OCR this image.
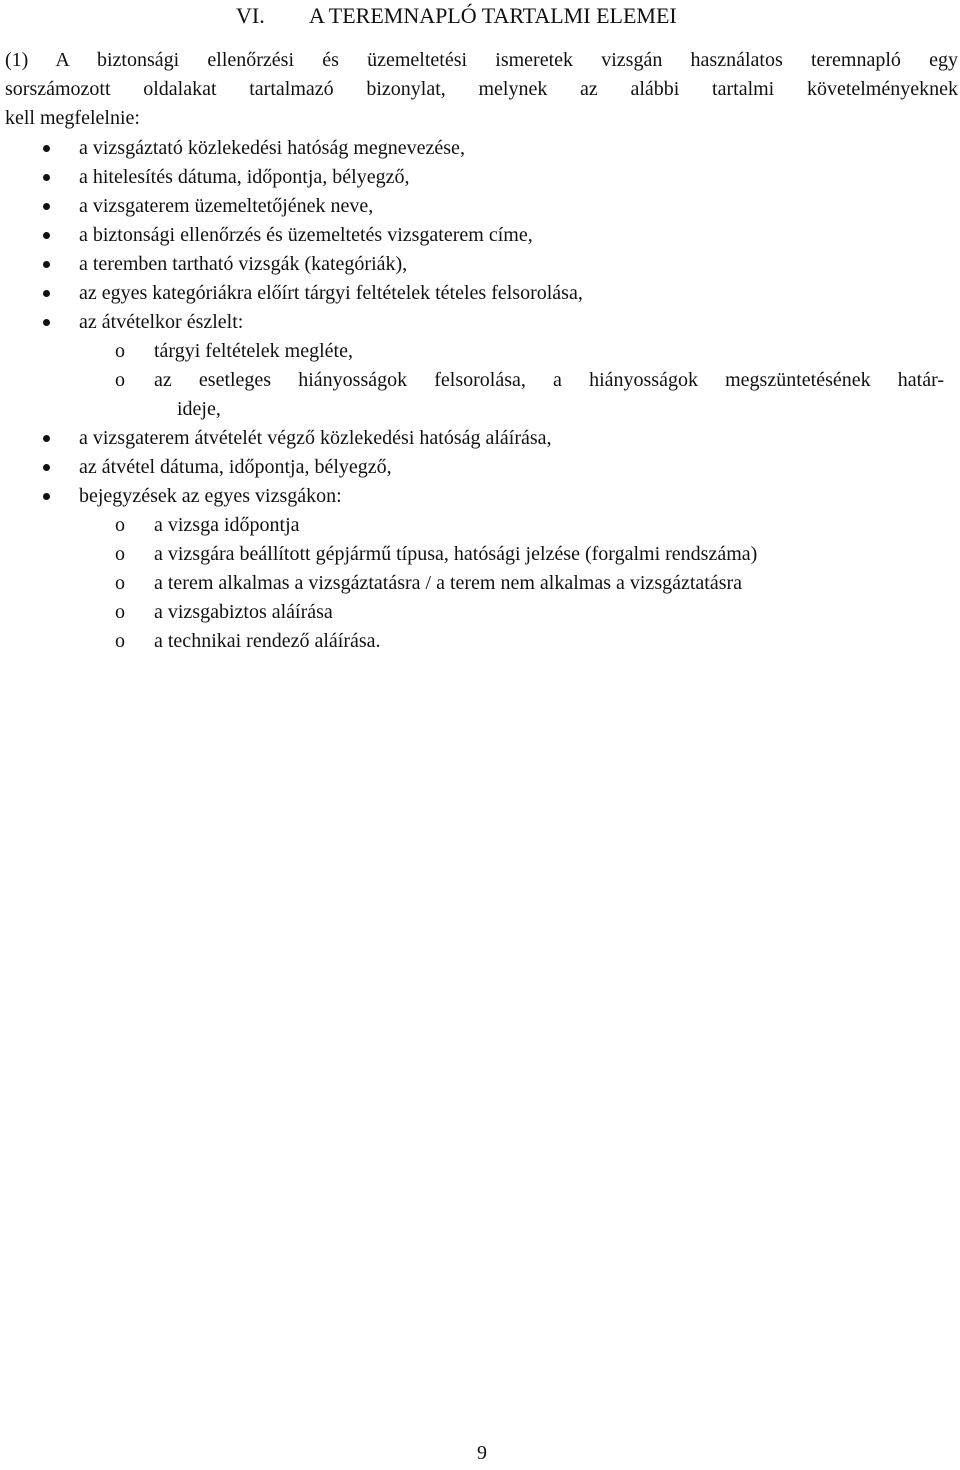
VI. A TEREMNAPLÓ TARTALMI ELEMEI

(1) A biztonsági ellenőrzési és üzemeltetési ismeretek vizsgán használatos teremnapló egy
sorszámozott oldalakat tartalmazó bizonylat, melynek az alábbi tartalmi követelményeknek
kell megfelelnie:

a vizsgáztató közlekedési hatóság megnevezése,
a hitelesítés dátuma, időpontja, bélyegző,
a vizsgaterem üzemeltetőjének neve,
a biztonsági ellenőrzés és üzemeltetés vizsgaterem címe,
a teremben tartható vizsgák (kategóriák),
az egyes kategóriákra előírt tárgyi feltételek tételes felsorolása,
az átvételkor észlelt:
o tárgyi feltételek megléte,
o az esetleges hiányosságok felsorolása, a hiányosságok megszüntetésének határ-
ideje,
a vizsgaterem átvételét végző közlekedési hatóság aláírása,
az átvétel dátuma, időpontja, bélyegző,
bejegyzések az egyes vizsgákon:
o a vizsga időpontja
o a vizsgára beállított gépjármű típusa, hatósági jelzése (forgalmi rendszáma)
o a terem alkalmas a vizsgáztatásra / a terem nem alkalmas a vizsgáztatásra
o a vizsgabiztos aláírása
o a technikai rendező aláírása.
9
